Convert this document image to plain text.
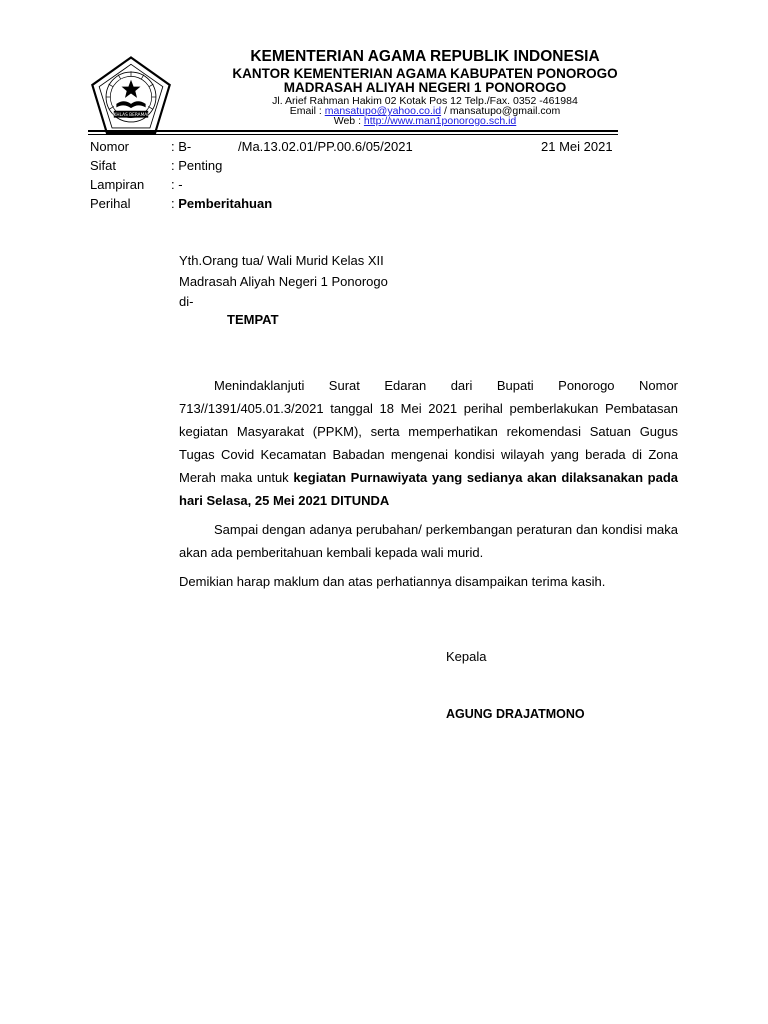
IKHLAS BERAMAL
KEMENTERIAN AGAMA REPUBLIK INDONESIA
KANTOR KEMENTERIAN AGAMA KABUPATEN PONOROGO
MADRASAH ALIYAH NEGERI 1 PONOROGO
Jl. Arief Rahman Hakim 02 Kotak Pos 12 Telp./Fax. 0352 -461984
Email : mansatupo@yahoo.co.id / mansatupo@gmail.com
Web : http://www.man1ponorogo.sch.id
Nomor	: B-	/Ma.13.02.01/PP.00.6/05/2021	21 Mei 2021
Sifat	: Penting
Lampiran : -
Perihal	: Pemberitahuan
Yth.Orang tua/ Wali Murid Kelas XII
Madrasah Aliyah Negeri 1 Ponorogo
di-
TEMPAT
Menindaklanjuti Surat Edaran dari Bupati Ponorogo Nomor 713//1391/405.01.3/2021 tanggal 18 Mei 2021 perihal pemberlakukan Pembatasan kegiatan Masyarakat (PPKM), serta memperhatikan rekomendasi Satuan Gugus Tugas Covid Kecamatan Babadan mengenai kondisi wilayah yang berada di Zona Merah maka untuk kegiatan Purnawiyata yang sedianya akan dilaksanakan pada hari Selasa, 25 Mei 2021 DITUNDA
Sampai dengan adanya perubahan/ perkembangan peraturan dan kondisi maka akan ada pemberitahuan kembali kepada wali murid.
Demikian harap maklum dan atas perhatiannya disampaikan terima kasih.
Kepala
AGUNG DRAJATMONO
